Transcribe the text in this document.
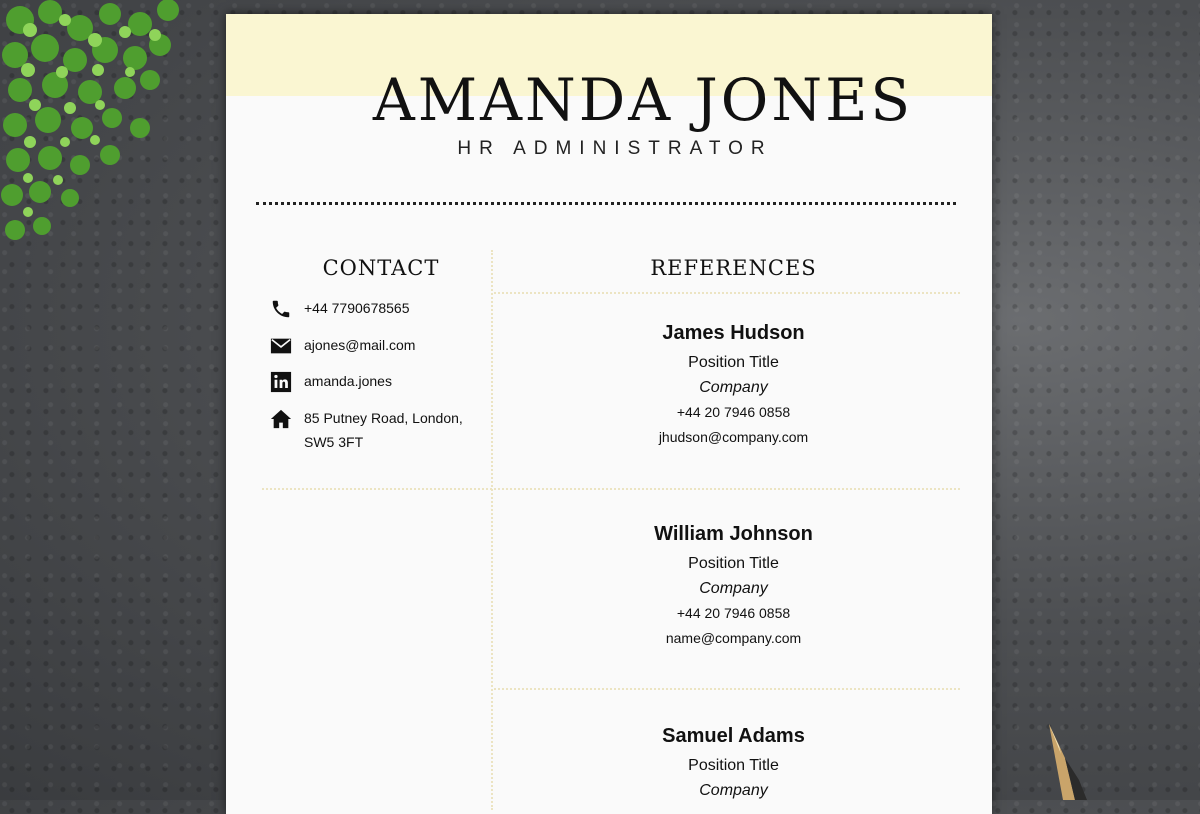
AMANDA JONES
HR ADMINISTRATOR
CONTACT
+44 7790678565
ajones@mail.com
amanda.jones
85 Putney Road, London,
SW5 3FT
REFERENCES
James Hudson
Position Title
Company
+44 20 7946 0858
jhudson@company.com
William Johnson
Position Title
Company
+44 20 7946 0858
name@company.com
Samuel Adams
Position Title
Company
